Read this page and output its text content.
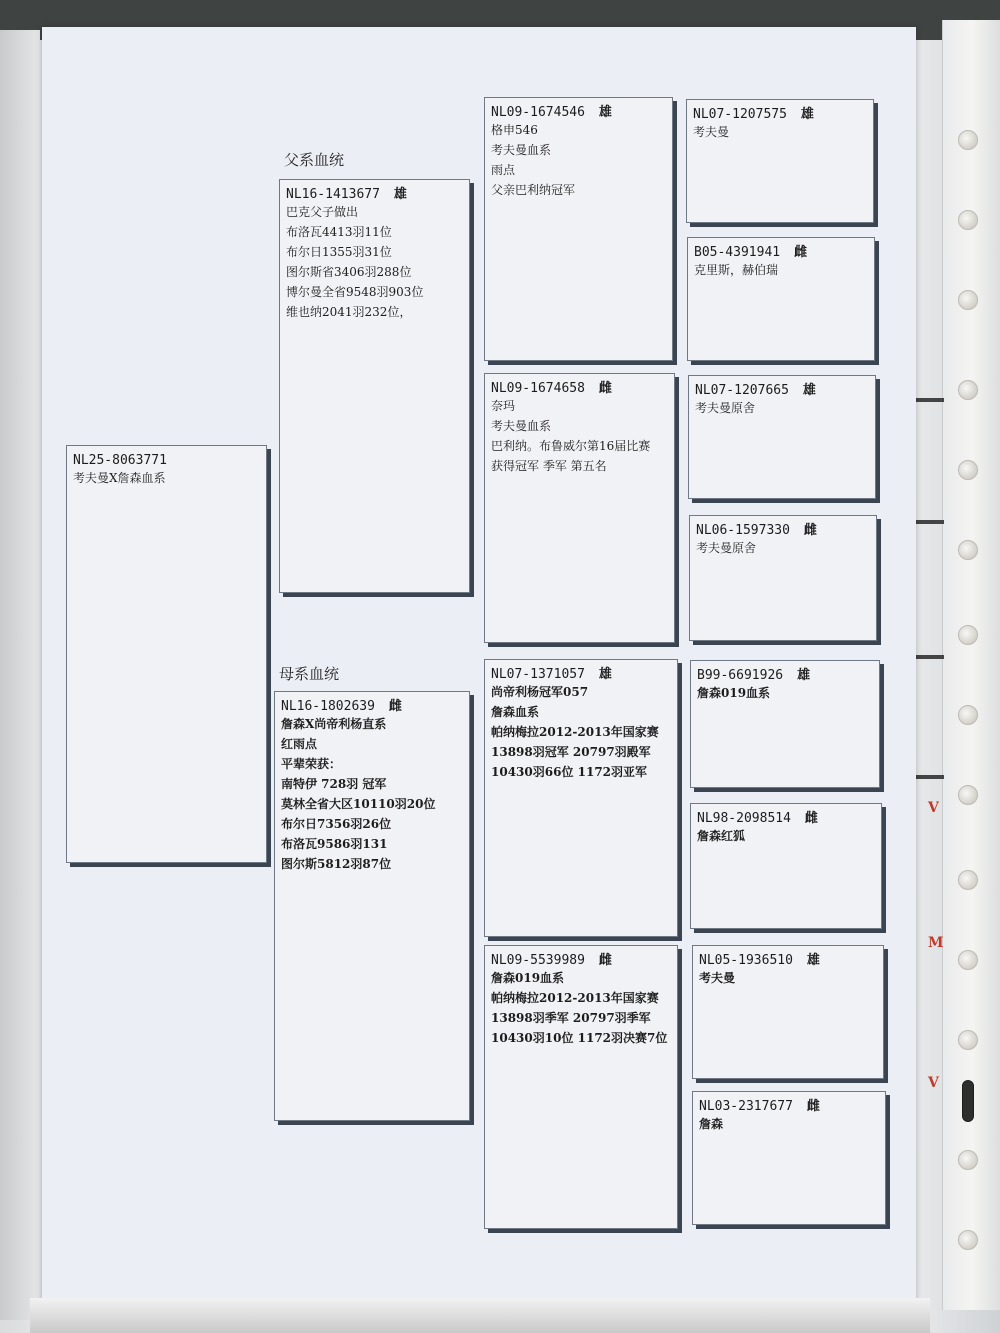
V
M
V
父系血统
母系血统
NL25-8063771
考夫曼X詹森血系
NL16-1413677 雄
巴克父子做出
布洛瓦4413羽11位
布尔日1355羽31位
图尔斯省3406羽288位
博尔曼全省9548羽903位
维也纳2041羽232位，
NL16-1802639 雌
詹森X尚帝利杨直系
红雨点
平辈荣获：
南特伊 728羽 冠军
莫林全省大区10110羽20位
布尔日7356羽26位
布洛瓦9586羽131
图尔斯5812羽87位
NL09-1674546 雄
格申546
考夫曼血系
雨点
父亲巴利纳冠军
NL09-1674658 雌
奈玛
考夫曼血系
巴利纳。布鲁威尔第16届比赛
获得冠军 季军 第五名
NL07-1371057 雄
尚帝利杨冠军057
詹森血系
帕纳梅拉2012-2013年国家赛
13898羽冠军 20797羽殿军
10430羽66位 1172羽亚军
NL09-5539989 雌
詹森019血系
帕纳梅拉2012-2013年国家赛
13898羽季军 20797羽季军
10430羽10位 1172羽决赛7位
NL07-1207575 雄
考夫曼
B05-4391941 雌
克里斯，赫伯瑞
NL07-1207665 雄
考夫曼原舍
NL06-1597330 雌
考夫曼原舍
B99-6691926 雄
詹森019血系
NL98-2098514 雌
詹森红狐
NL05-1936510 雄
考夫曼
NL03-2317677 雌
詹森
